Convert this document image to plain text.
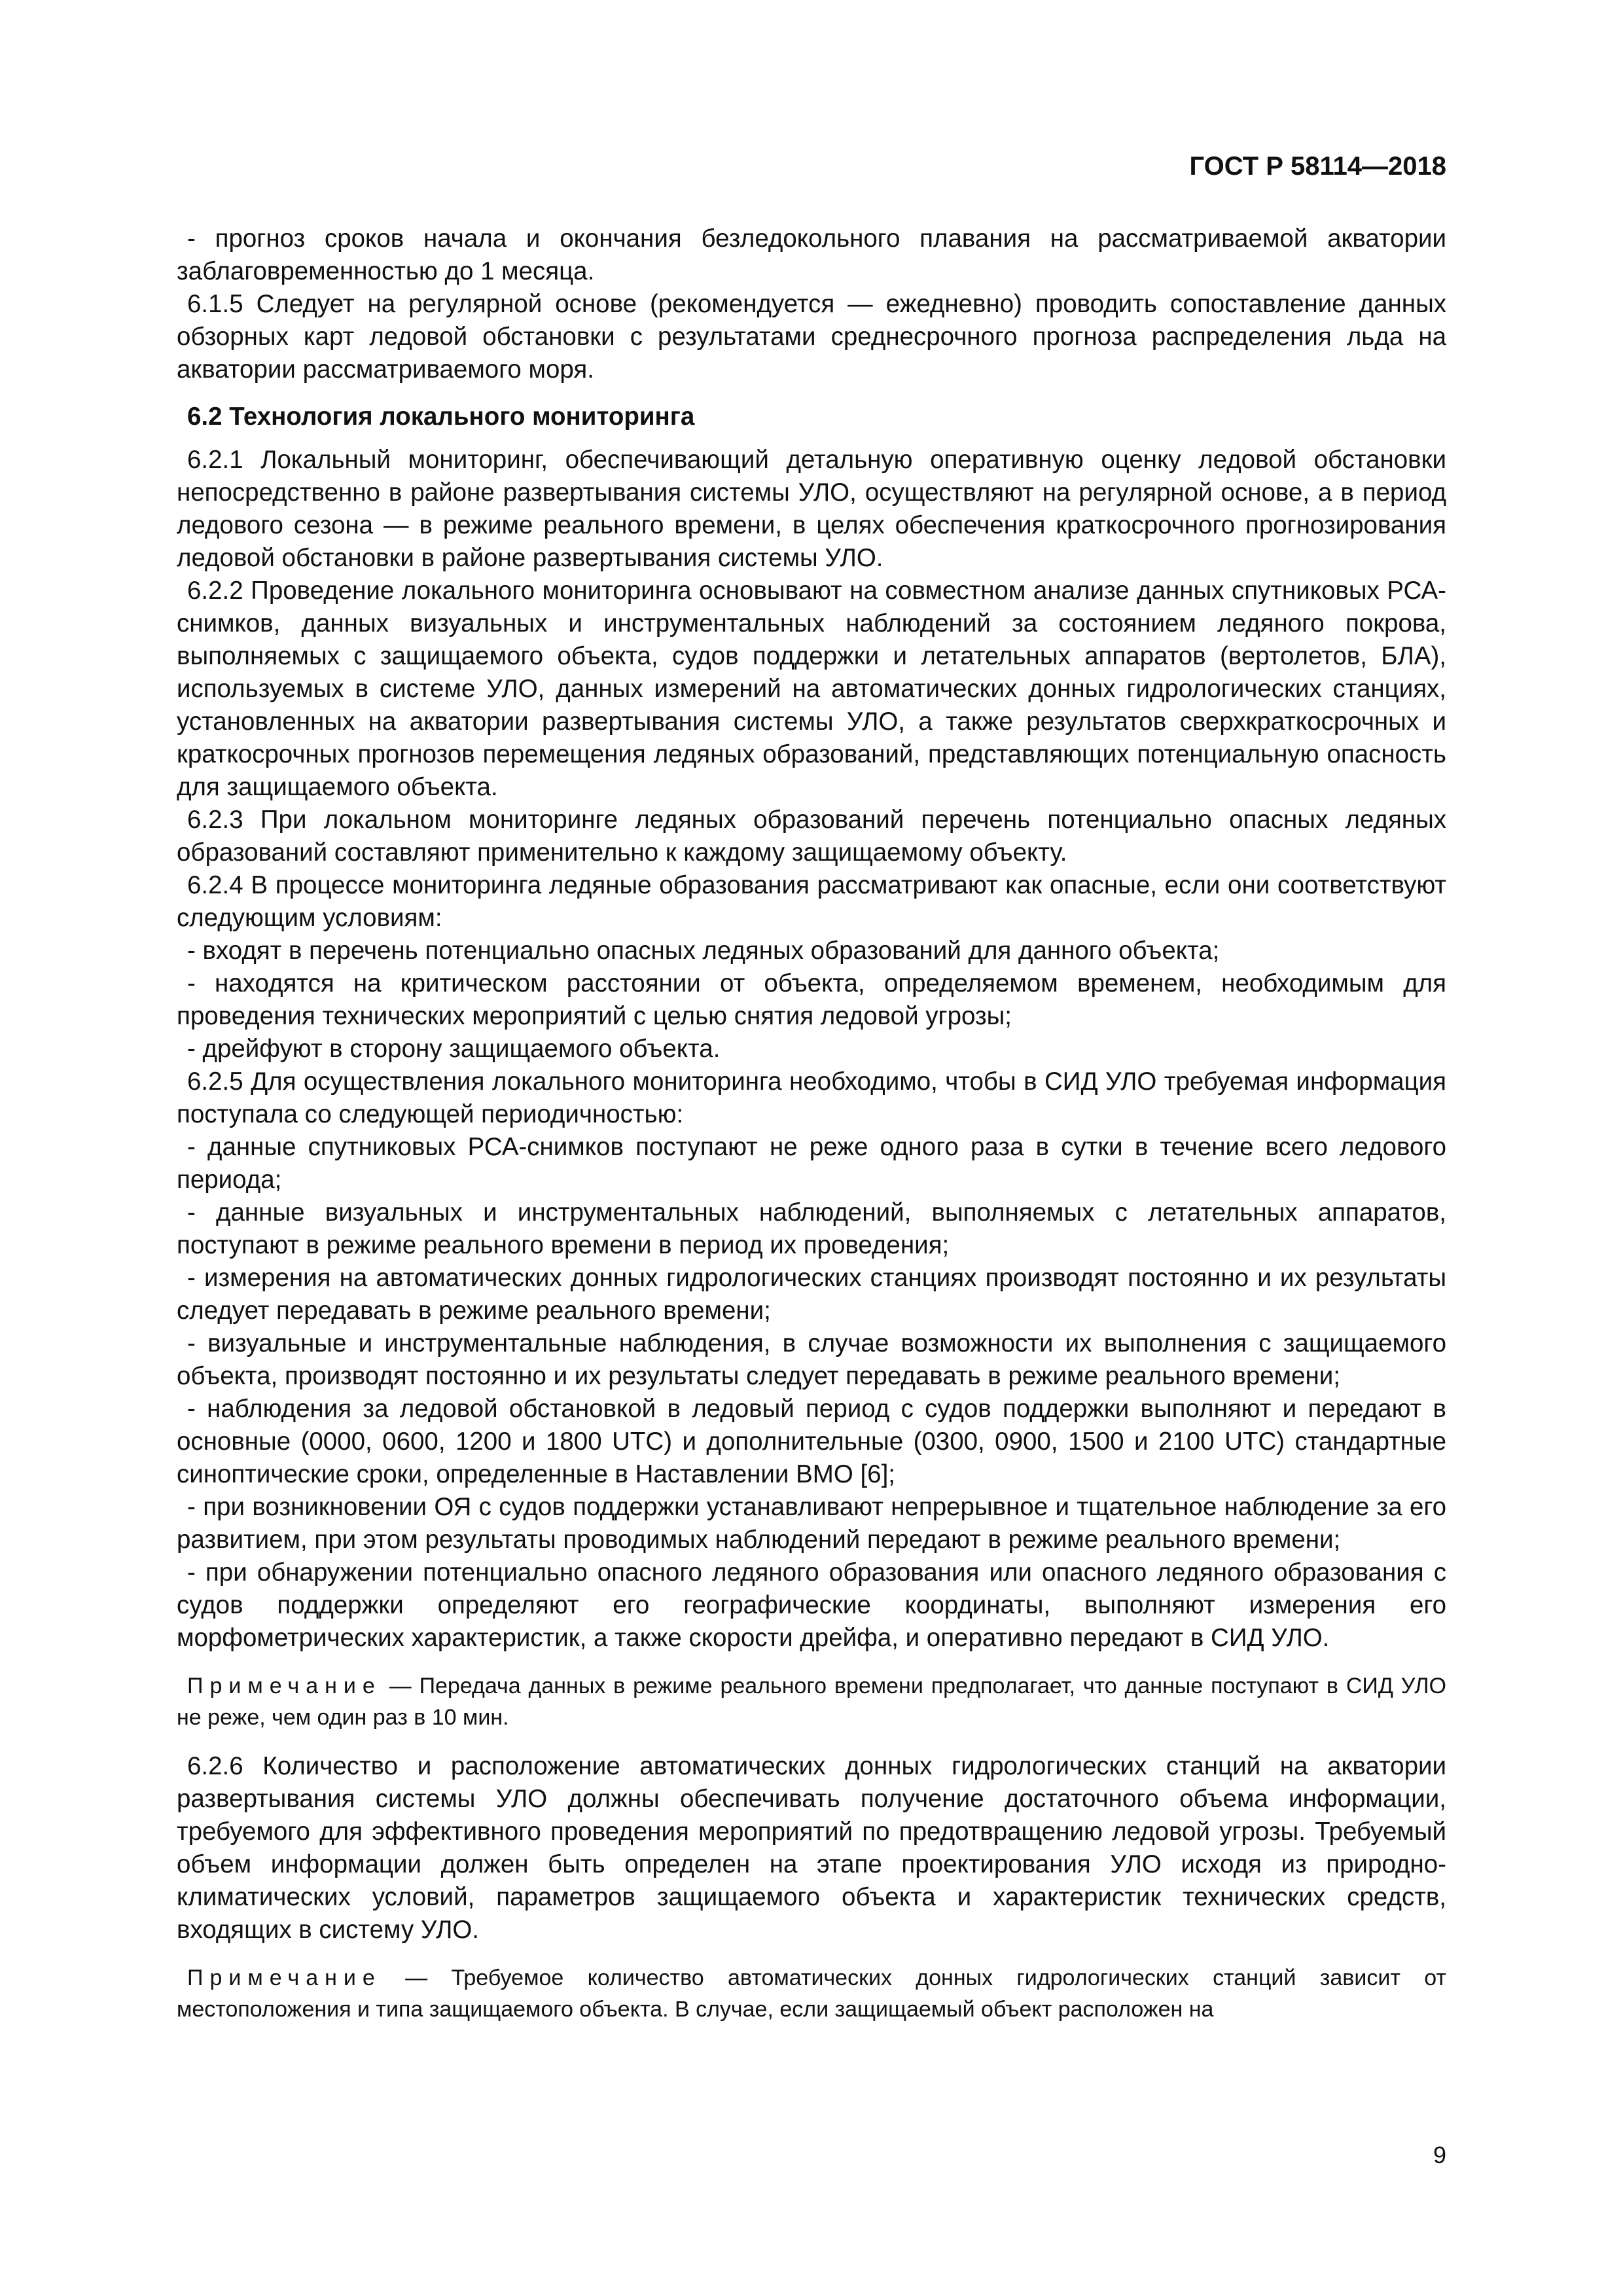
ГОСТ Р 58114—2018

- прогноз сроков начала и окончания безледокольного плавания на рассматриваемой акватории заблаговременностью до 1 месяца.

6.1.5 Следует на регулярной основе (рекомендуется — ежедневно) проводить сопоставление данных обзорных карт ледовой обстановки с результатами среднесрочного прогноза распределения льда на акватории рассматриваемого моря.

6.2 Технология локального мониторинга

6.2.1 Локальный мониторинг, обеспечивающий детальную оперативную оценку ледовой обстановки непосредственно в районе развертывания системы УЛО, осуществляют на регулярной основе, а в период ледового сезона — в режиме реального времени, в целях обеспечения краткосрочного прогнозирования ледовой обстановки в районе развертывания системы УЛО.

6.2.2 Проведение локального мониторинга основывают на совместном анализе данных спутниковых РСА-снимков, данных визуальных и инструментальных наблюдений за состоянием ледяного покрова, выполняемых с защищаемого объекта, судов поддержки и летательных аппаратов (вертолетов, БЛА), используемых в системе УЛО, данных измерений на автоматических донных гидрологических станциях, установленных на акватории развертывания системы УЛО, а также результатов сверхкраткосрочных и краткосрочных прогнозов перемещения ледяных образований, представляющих потенциальную опасность для защищаемого объекта.

6.2.3 При локальном мониторинге ледяных образований перечень потенциально опасных ледяных образований составляют применительно к каждому защищаемому объекту.

6.2.4 В процессе мониторинга ледяные образования рассматривают как опасные, если они соответствуют следующим условиям:

- входят в перечень потенциально опасных ледяных образований для данного объекта;

- находятся на критическом расстоянии от объекта, определяемом временем, необходимым для проведения технических мероприятий с целью снятия ледовой угрозы;

- дрейфуют в сторону защищаемого объекта.

6.2.5 Для осуществления локального мониторинга необходимо, чтобы в СИД УЛО требуемая информация поступала со следующей периодичностью:

- данные спутниковых РСА-снимков поступают не реже одного раза в сутки в течение всего ледового периода;

- данные визуальных и инструментальных наблюдений, выполняемых с летательных аппаратов, поступают в режиме реального времени в период их проведения;

- измерения на автоматических донных гидрологических станциях производят постоянно и их результаты следует передавать в режиме реального времени;

- визуальные и инструментальные наблюдения, в случае возможности их выполнения с защищаемого объекта, производят постоянно и их результаты следует передавать в режиме реального времени;

- наблюдения за ледовой обстановкой в ледовый период с судов поддержки выполняют и передают в основные (0000, 0600, 1200 и 1800 UTC) и дополнительные (0300, 0900, 1500 и 2100 UTC) стандартные синоптические сроки, определенные в Наставлении ВМО [6];

- при возникновении ОЯ с судов поддержки устанавливают непрерывное и тщательное наблюдение за его развитием, при этом результаты проводимых наблюдений передают в режиме реального времени;

- при обнаружении потенциально опасного ледяного образования или опасного ледяного образования с судов поддержки определяют его географические координаты, выполняют измерения его морфометрических характеристик, а также скорости дрейфа, и оперативно передают в СИД УЛО.

Примечание — Передача данных в режиме реального времени предполагает, что данные поступают в СИД УЛО не реже, чем один раз в 10 мин.

6.2.6 Количество и расположение автоматических донных гидрологических станций на акватории развертывания системы УЛО должны обеспечивать получение достаточного объема информации, требуемого для эффективного проведения мероприятий по предотвращению ледовой угрозы. Требуемый объем информации должен быть определен на этапе проектирования УЛО исходя из природно-климатических условий, параметров защищаемого объекта и характеристик технических средств, входящих в систему УЛО.

Примечание — Требуемое количество автоматических донных гидрологических станций зависит от местоположения и типа защищаемого объекта. В случае, если защищаемый объект расположен на
9
